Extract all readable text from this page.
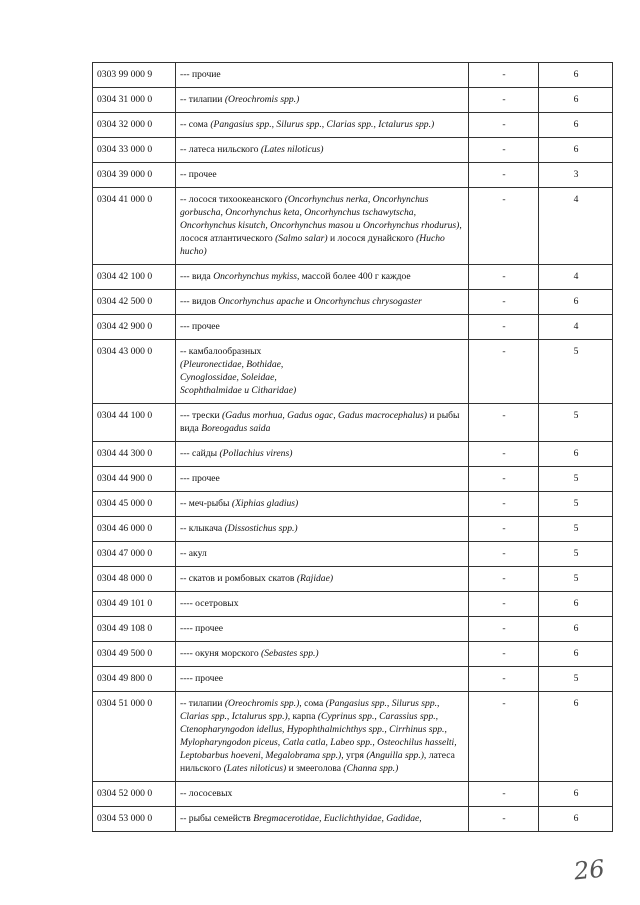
0303 99 000 9	--- прочие	-	6
0304 31 000 0	-- тилапии (Oreochromis spp.)	-	6
0304 32 000 0	-- сома (Pangasius spp., Silurus spp., Clarias spp., Ictalurus spp.)	-	6
0304 33 000 0	-- латеса нильского (Lates niloticus)	-	6
0304 39 000 0	-- прочее	-	3
0304 41 000 0	-- лосося тихоокеанского (Oncorhynchus nerka, Oncorhynchus gorbuscha, Oncorhynchus keta, Oncorhynchus tschawytscha, Oncorhynchus kisutch, Oncorhynchus masou и Oncorhynchus rhodurus), лосося атлантического (Salmo salar) и лосося дунайского (Hucho hucho)	-	4
0304 42 100 0	--- вида Oncorhynchus mykiss, массой более 400 г каждое	-	4
0304 42 500 0	--- видов Oncorhynchus apache и Oncorhynchus chrysogaster	-	6
0304 42 900 0	--- прочее	-	4
0304 43 000 0	-- камбалообразных
(Pleuronectidae, Bothidae,
Cynoglossidae, Soleidae,
Scophthalmidae и Citharidae)	-	5
0304 44 100 0	--- трески (Gadus morhua, Gadus ogac, Gadus macrocephalus) и рыбы вида Boreogadus saida	-	5
0304 44 300 0	--- сайды (Pollachius virens)	-	6
0304 44 900 0	--- прочее	-	5
0304 45 000 0	-- меч-рыбы (Xiphias gladius)	-	5
0304 46 000 0	-- клыкача (Dissostichus spp.)	-	5
0304 47 000 0	-- акул	-	5
0304 48 000 0	-- скатов и ромбовых скатов (Rajidae)	-	5
0304 49 101 0	---- осетровых	-	6
0304 49 108 0	---- прочее	-	6
0304 49 500 0	---- окуня морского (Sebastes spp.)	-	6
0304 49 800 0	---- прочее	-	5
0304 51 000 0	-- тилапии (Oreochromis spp.), сома (Pangasius spp., Silurus spp., Clarias spp., Ictalurus spp.), карпа (Cyprinus spp., Carassius spp., Ctenopharyngodon idellus, Hypophthalmichthys spp., Cirrhinus spp., Mylopharyngodon piceus, Catla catla, Labeo spp., Osteochilus hasselti, Leptobarbus hoeveni, Megalobrama spp.), угря (Anguilla spp.), латеса нильского (Lates niloticus) и змееголова (Channa spp.)	-	6
0304 52 000 0	-- лососевых	-	6
0304 53 000 0	-- рыбы семейств Bregmacerotidae, Euclichthyidae, Gadidae,	-	6
26
